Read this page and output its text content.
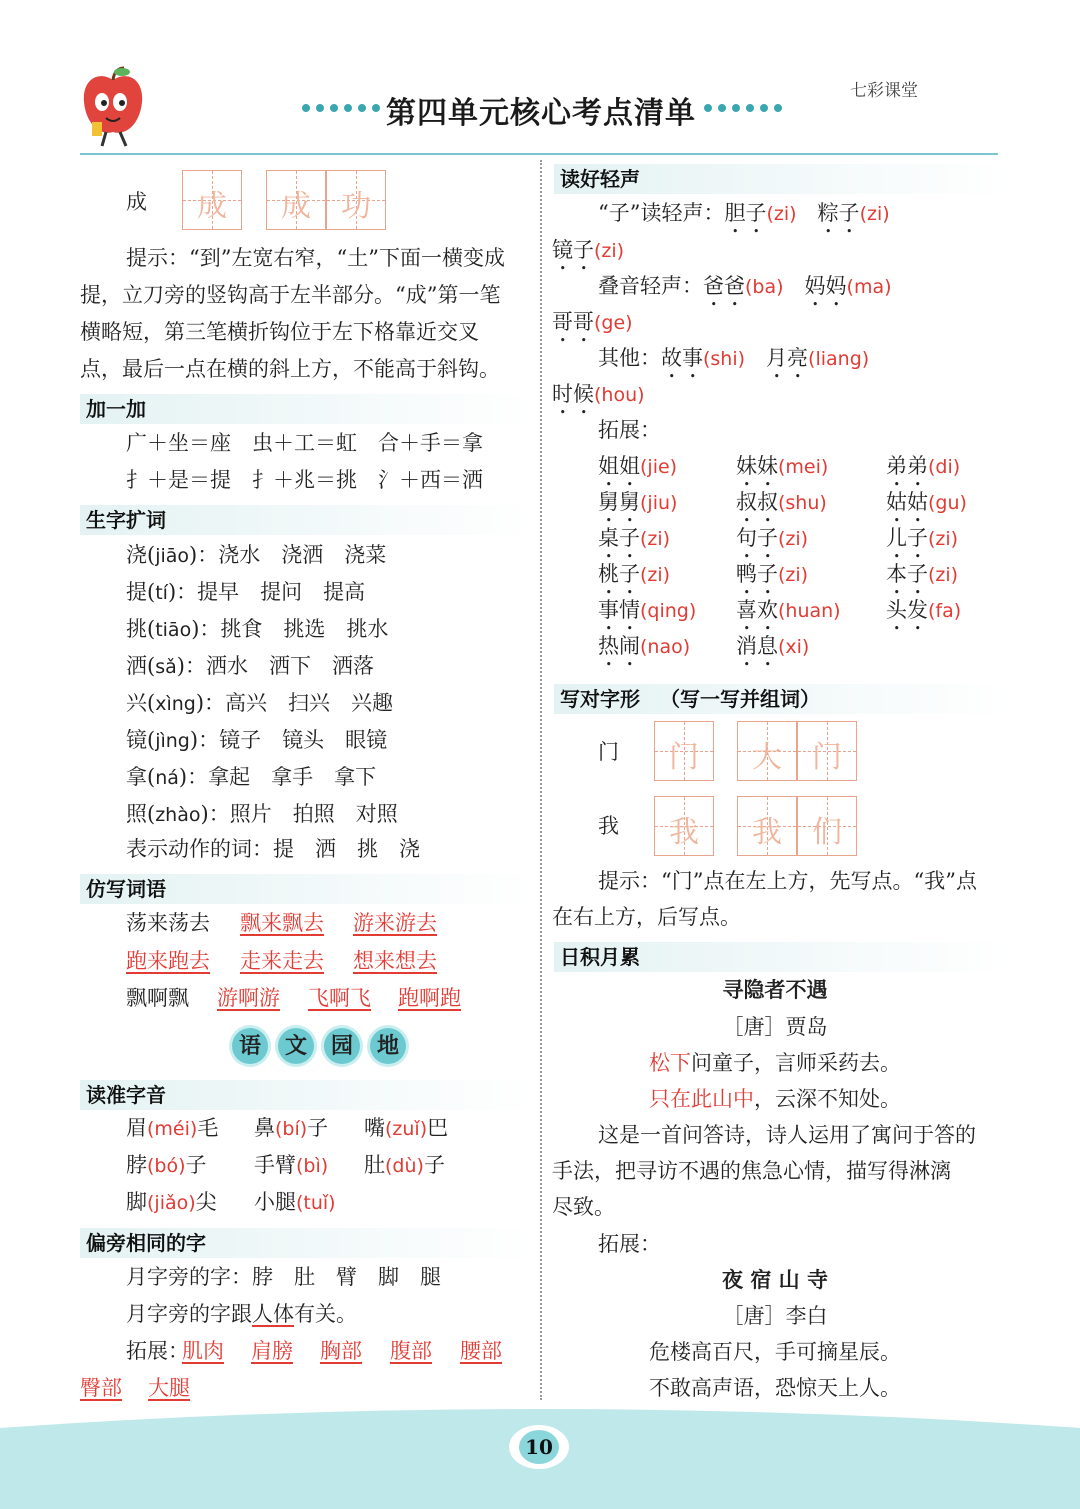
第四单元核心考点清单
七彩课堂
成	成	成	功
提示：“到”左宽右窄，“土”下面一横变成
提，立刀旁的竖钩高于左半部分。“成”第一笔
横略短，第三笔横折钩位于左下格靠近交叉
点，最后一点在横的斜上方，不能高于斜钩。
加一加
广＋坐＝座　虫＋工＝虹　合＋手＝拿
扌＋是＝提　扌＋兆＝挑　氵＋西＝洒
生字扩词
浇(jiāo)：浇水　浇洒　浇菜
提(tí)：提早　提问　提高
挑(tiāo)：挑食　挑选　挑水
洒(sǎ)：洒水　洒下　洒落
兴(xìng)：高兴　扫兴　兴趣
镜(jìng)：镜子　镜头　眼镜
拿(ná)：拿起　拿手　拿下
照(zhào)：照片　拍照　对照
表示动作的词：提　洒　挑　浇
仿写词语
荡来荡去 飘来飘去 游来游去
跑来跑去 走来走去 想来想去
飘啊飘 游啊游 飞啊飞 跑啊跑
语	文	园	地
读准字音
眉(méi)毛 鼻(bí)子 嘴(zuǐ)巴
脖(bó)子 手臂(bì) 肚(dù)子
脚(jiǎo)尖 小腿(tuǐ)
偏旁相同的字
月字旁的字：脖　肚　臂　脚　腿
月字旁的字跟人体有关。
拓展：
肌肉 肩膀 胸部 腹部 腰部
臀部 大腿
读好轻声
“子”读轻声：胆子(zi)　 粽子(zi)
镜子(zi)
叠音轻声：爸爸(ba)　 妈妈(ma)
哥哥(ge)
其他：故事(shi)　 月亮(liang)
时候(hou)
拓展：
姐姐(jie)	妹妹(mei)	弟弟(di)
舅舅(jiu)	叔叔(shu)	姑姑(gu)
桌子(zi)	句子(zi)	儿子(zi)
桃子(zi)	鸭子(zi)	本子(zi)
事情(qing) 喜欢(huan) 头发(fa)
热闹(nao) 消息(xi)
写对字形 （写一写并组词）
门	门	大	门
我	我	我	们
提示：“门”点在左上方，先写点。“我”点
在右上方，后写点。
日积月累
寻隐者不遇
［唐］贾岛
松下问童子，言师采药去。
只在此山中，云深不知处。
这是一首问答诗，诗人运用了寓问于答的
手法，把寻访不遇的焦急心情，描写得淋漓
尽致。
拓展：
夜 宿 山 寺
［唐］李白
危楼高百尺，手可摘星辰。
不敢高声语，恐惊天上人。
10
